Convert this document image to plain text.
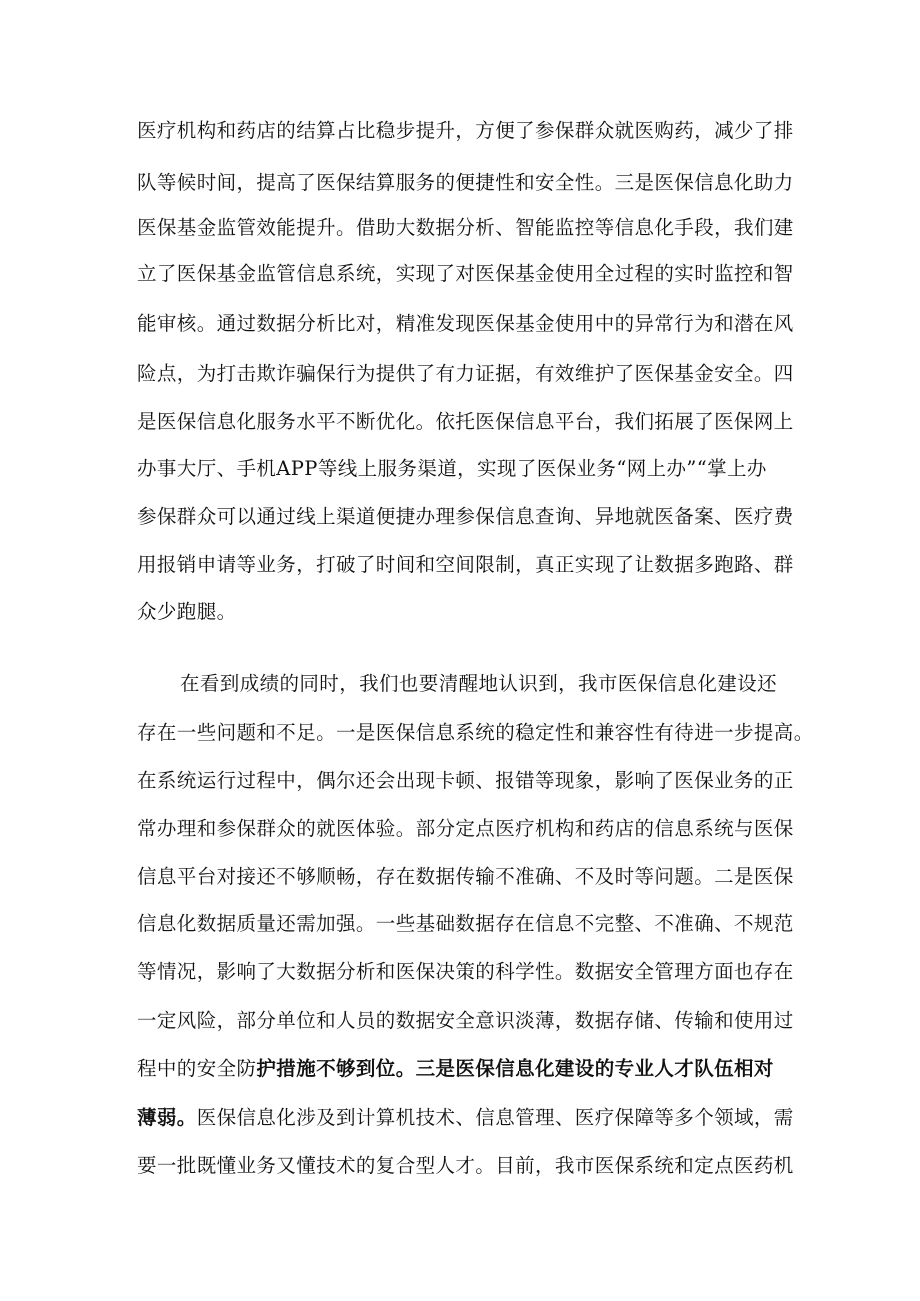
医疗机构和药店的结算占比稳步提升，方便了参保群众就医购药，减少了排
队等候时间，提高了医保结算服务的便捷性和安全性。三是医保信息化助力
医保基金监管效能提升。借助大数据分析、智能监控等信息化手段，我们建
立了医保基金监管信息系统，实现了对医保基金使用全过程的实时监控和智
能审核。通过数据分析比对，精准发现医保基金使用中的异常行为和潜在风
险点，为打击欺诈骗保行为提供了有力证据，有效维护了医保基金安全。四
是医保信息化服务水平不断优化。依托医保信息平台，我们拓展了医保网上
办事大厅、手机APP等线上服务渠道，实现了医保业务“网上办”“掌上办
参保群众可以通过线上渠道便捷办理参保信息查询、异地就医备案、医疗费
用报销申请等业务，打破了时间和空间限制，真正实现了让数据多跑路、群
众少跑腿。
在看到成绩的同时，我们也要清醒地认识到，我市医保信息化建设还
存在一些问题和不足。一是医保信息系统的稳定性和兼容性有待进一步提高。
在系统运行过程中，偶尔还会出现卡顿、报错等现象，影响了医保业务的正
常办理和参保群众的就医体验。部分定点医疗机构和药店的信息系统与医保
信息平台对接还不够顺畅，存在数据传输不准确、不及时等问题。二是医保
信息化数据质量还需加强。一些基础数据存在信息不完整、不准确、不规范
等情况，影响了大数据分析和医保决策的科学性。数据安全管理方面也存在
一定风险，部分单位和人员的数据安全意识淡薄，数据存储、传输和使用过
程中的安全防护措施不够到位。三是医保信息化建设的专业人才队伍相对
薄弱。医保信息化涉及到计算机技术、信息管理、医疗保障等多个领域，需
要一批既懂业务又懂技术的复合型人才。目前，我市医保系统和定点医药机
